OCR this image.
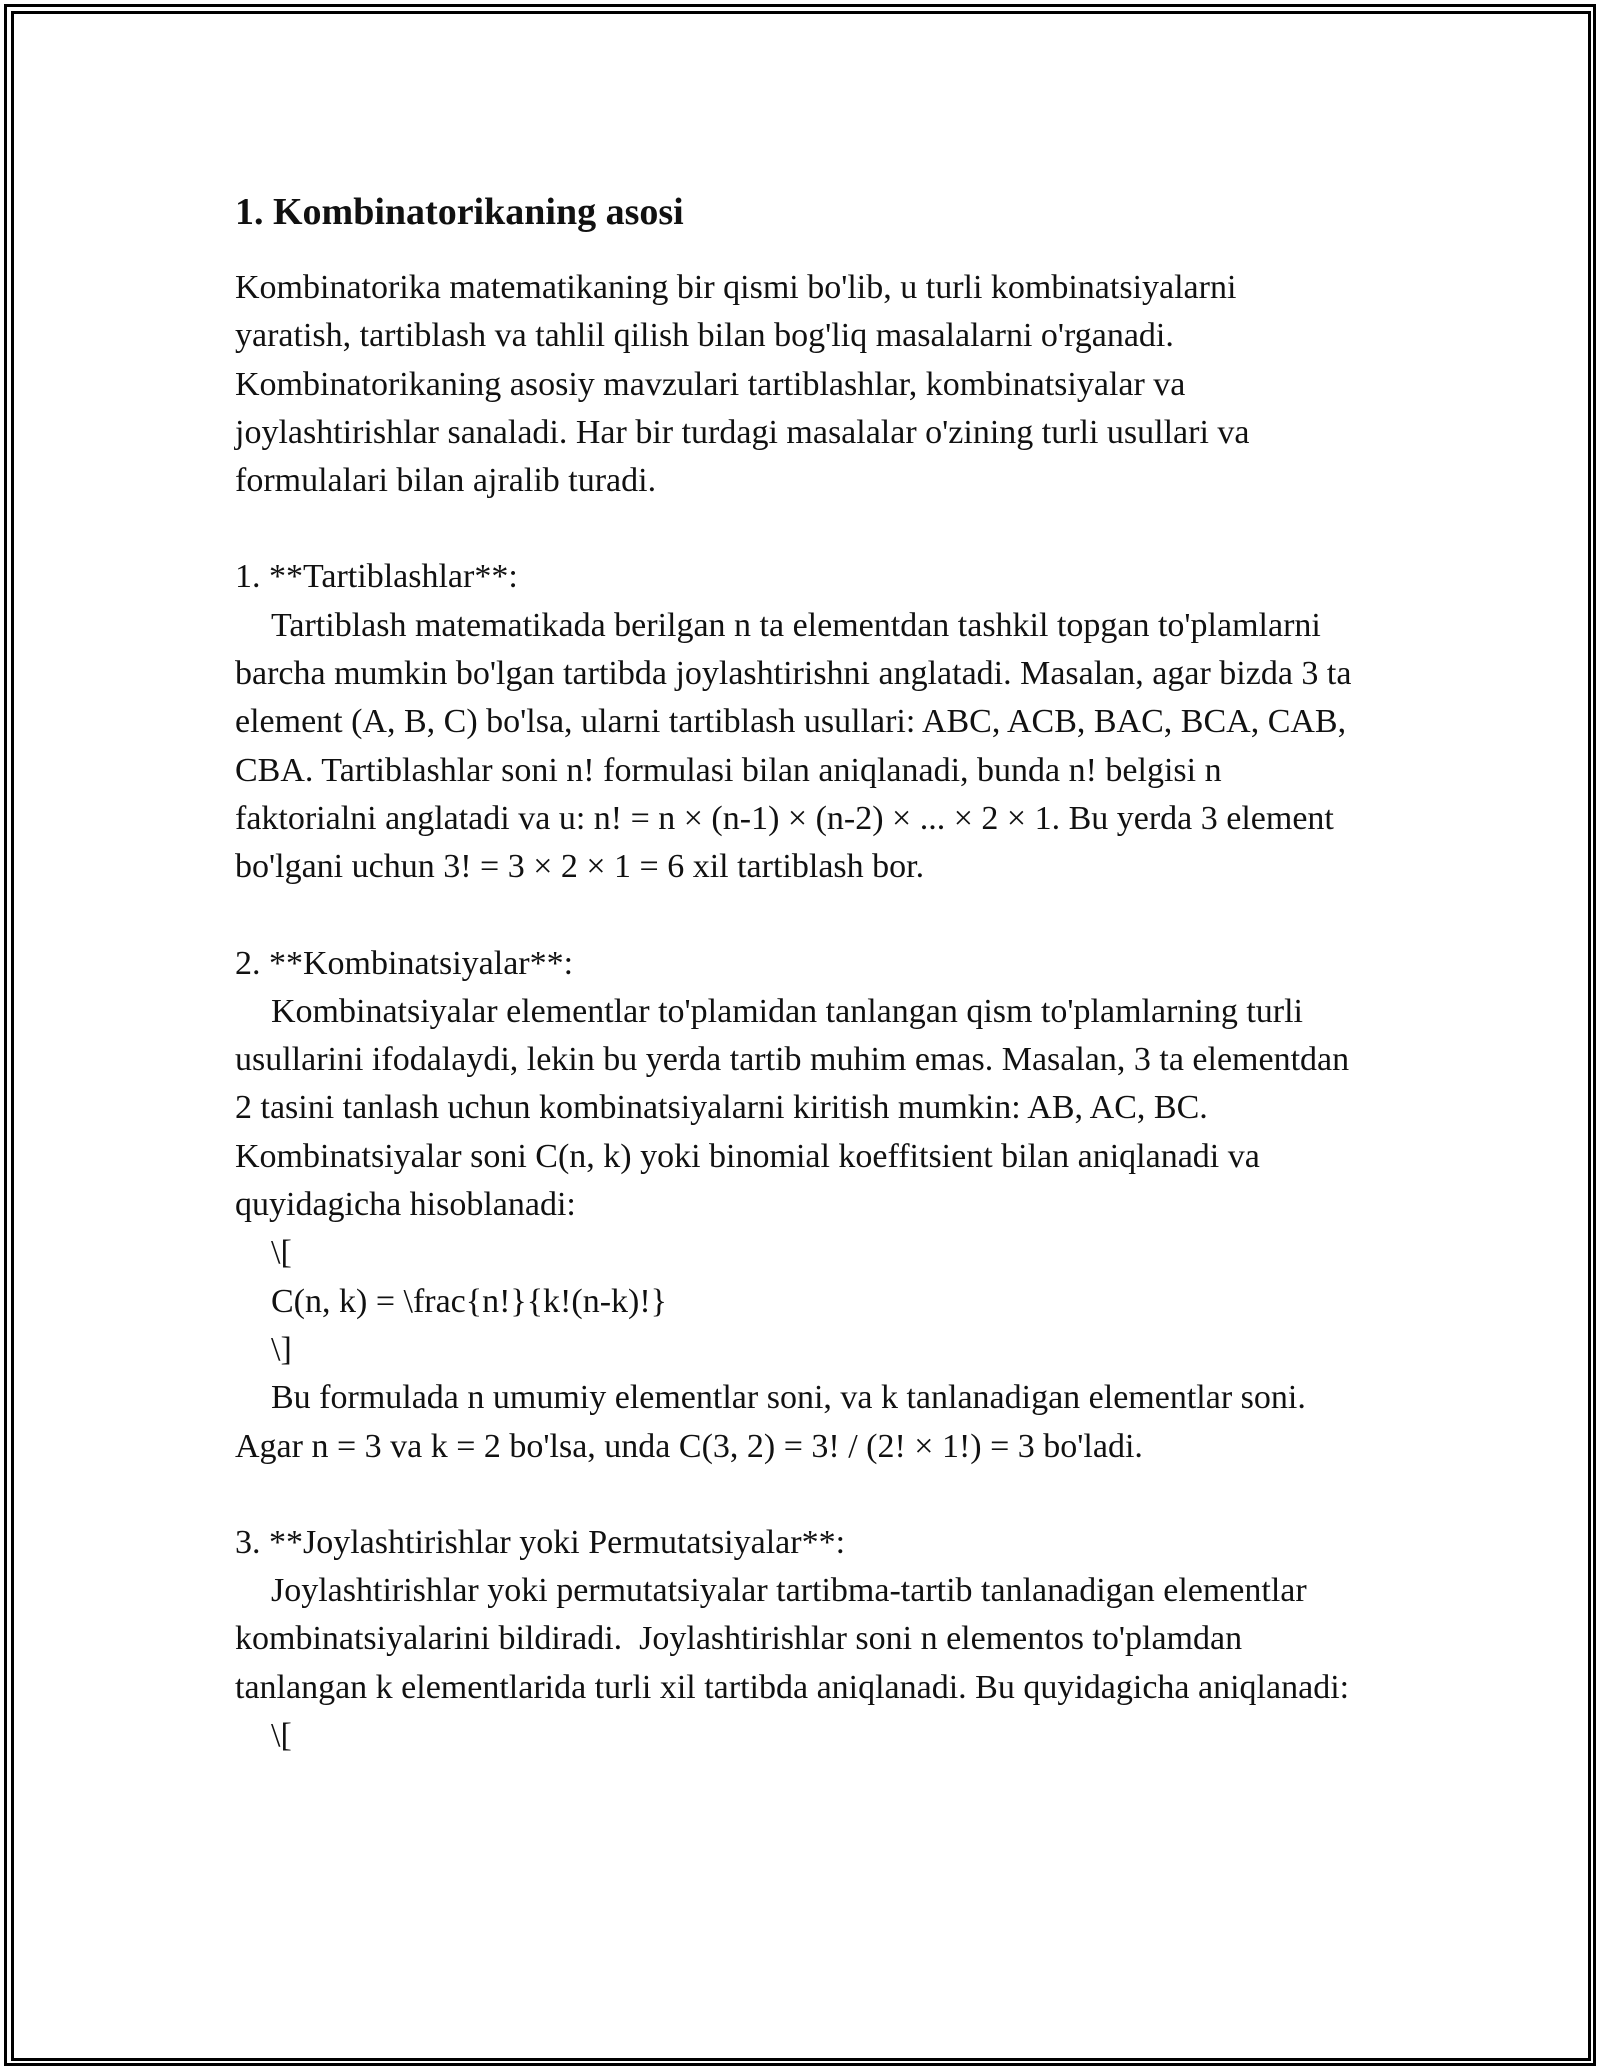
1. Kombinatorikaning asosi

Kombinatorika matematikaning bir qismi bo'lib, u turli kombinatsiyalarni yaratish, tartiblash va tahlil qilish bilan bog'liq masalalarni o'rganadi. Kombinatorikaning asosiy mavzulari tartiblashlar, kombinatsiyalar va joylashtirishlar sanaladi. Har bir turdagi masalalar o'zining turli usullari va formulalari bilan ajralib turadi.

1. **Tartiblashlar**:

Tartiblash matematikada berilgan n ta elementdan tashkil topgan to'plamlarni barcha mumkin bo'lgan tartibda joylashtirishni anglatadi. Masalan, agar bizda 3 ta element (A, B, C) bo'lsa, ularni tartiblash usullari: ABC, ACB, BAC, BCA, CAB, CBA. Tartiblashlar soni n! formulasi bilan aniqlanadi, bunda n! belgisi n faktorialni anglatadi va u: n! = n × (n-1) × (n-2) × ... × 2 × 1. Bu yerda 3 element bo'lgani uchun 3! = 3 × 2 × 1 = 6 xil tartiblash bor.

2. **Kombinatsiyalar**:

Kombinatsiyalar elementlar to'plamidan tanlangan qism to'plamlarning turli usullarini ifodalaydi, lekin bu yerda tartib muhim emas. Masalan, 3 ta elementdan 2 tasini tanlash uchun kombinatsiyalarni kiritish mumkin: AB, AC, BC. Kombinatsiyalar soni C(n, k) yoki binomial koeffitsient bilan aniqlanadi va quyidagicha hisoblanadi:

\[

C(n, k) = \frac{n!}{k!(n-k)!}

\]

Bu formulada n umumiy elementlar soni, va k tanlanadigan elementlar soni. Agar n = 3 va k = 2 bo'lsa, unda C(3, 2) = 3! / (2! × 1!) = 3 bo'ladi.

3. **Joylashtirishlar yoki Permutatsiyalar**:

Joylashtirishlar yoki permutatsiyalar tartibma-tartib tanlanadigan elementlar kombinatsiyalarini bildiradi.  Joylashtirishlar soni n elementos to'plamdan tanlangan k elementlarida turli xil tartibda aniqlanadi. Bu quyidagicha aniqlanadi:

\[
